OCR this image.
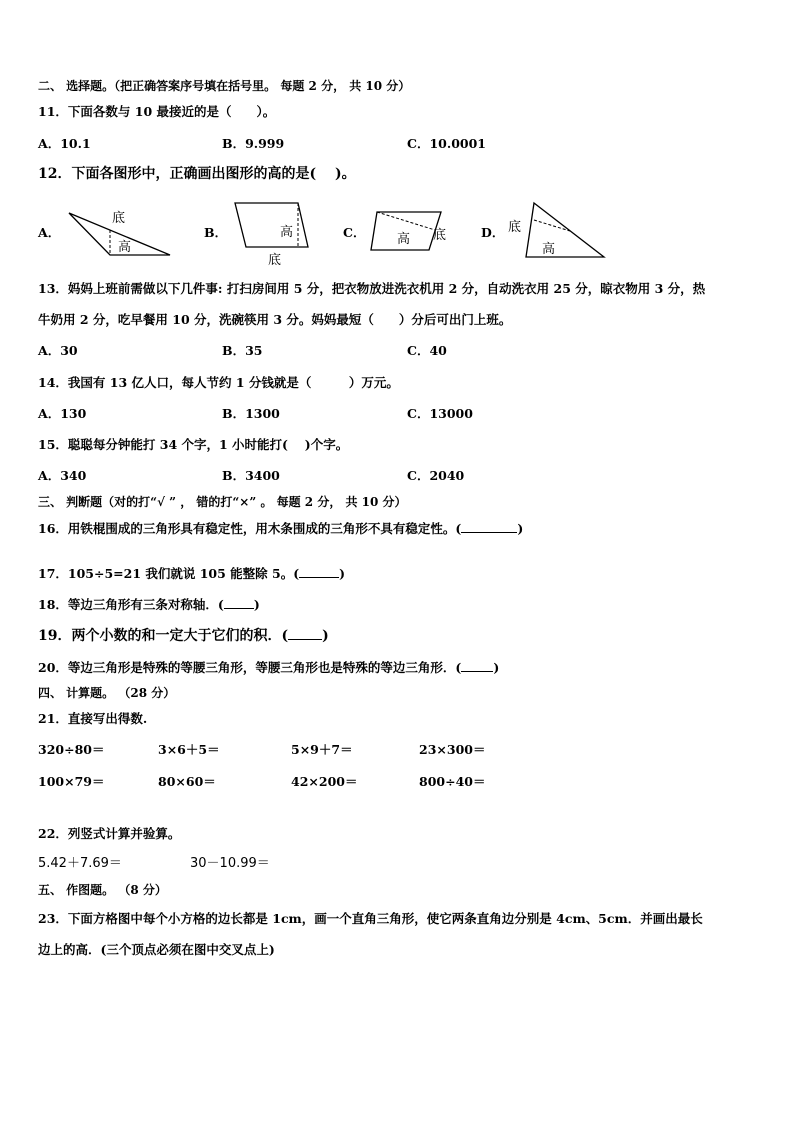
二、 选择题。（把正确答案序号填在括号里。 每题 2 分， 共 10 分）
11．下面各数与 10 最接近的是（　　）。
A．10.1	B．9.999	C．10.0001
12．下面各图形中，正确画出图形的高的是(　 )。
A．	B．	C．	D．
底
高
高
底
高 底
底
高
13．妈妈上班前需做以下几件事: 打扫房间用 5 分，把衣物放进洗衣机用 2 分，自动洗衣用 25 分，晾衣物用 3 分，热
牛奶用 2 分，吃早餐用 10 分，洗碗筷用 3 分。妈妈最短（　　）分后可出门上班。
A．30	B．35	C．40
14．我国有 13 亿人口，每人节约 1 分钱就是（　　　）万元。
A．130	B．1300	C．13000
15．聪聪每分钟能打 34 个字，1 小时能打(　 )个字。
A．340	B．3400	C．2040
三、 判断题（对的打“√ ” ， 错的打“×” 。 每题 2 分， 共 10 分）
16．用铁棍围成的三角形具有稳定性，用木条围成的三角形不具有稳定性。(	)
17．105÷5=21 我们就说 105 能整除 5。(	)
18．等边三角形有三条对称轴．( )
19．两个小数的和一定大于它们的积．( )
20．等边三角形是特殊的等腰三角形，等腰三角形也是特殊的等边三角形．(	)
四、 计算题。 （28 分）
21．直接写出得数.
320÷80＝	3×6＋5＝	5×9＋7＝	23×300＝
100×79＝	80×60＝	42×200＝	800÷40＝
22．列竖式计算并验算。
5.42＋7.69＝	30－10.99＝
五、 作图题。 （8 分）
23．下面方格图中每个小方格的边长都是 1cm，画一个直角三角形，使它两条直角边分别是 4cm、5cm．并画出最长
边上的高．(三个顶点必须在图中交叉点上)
